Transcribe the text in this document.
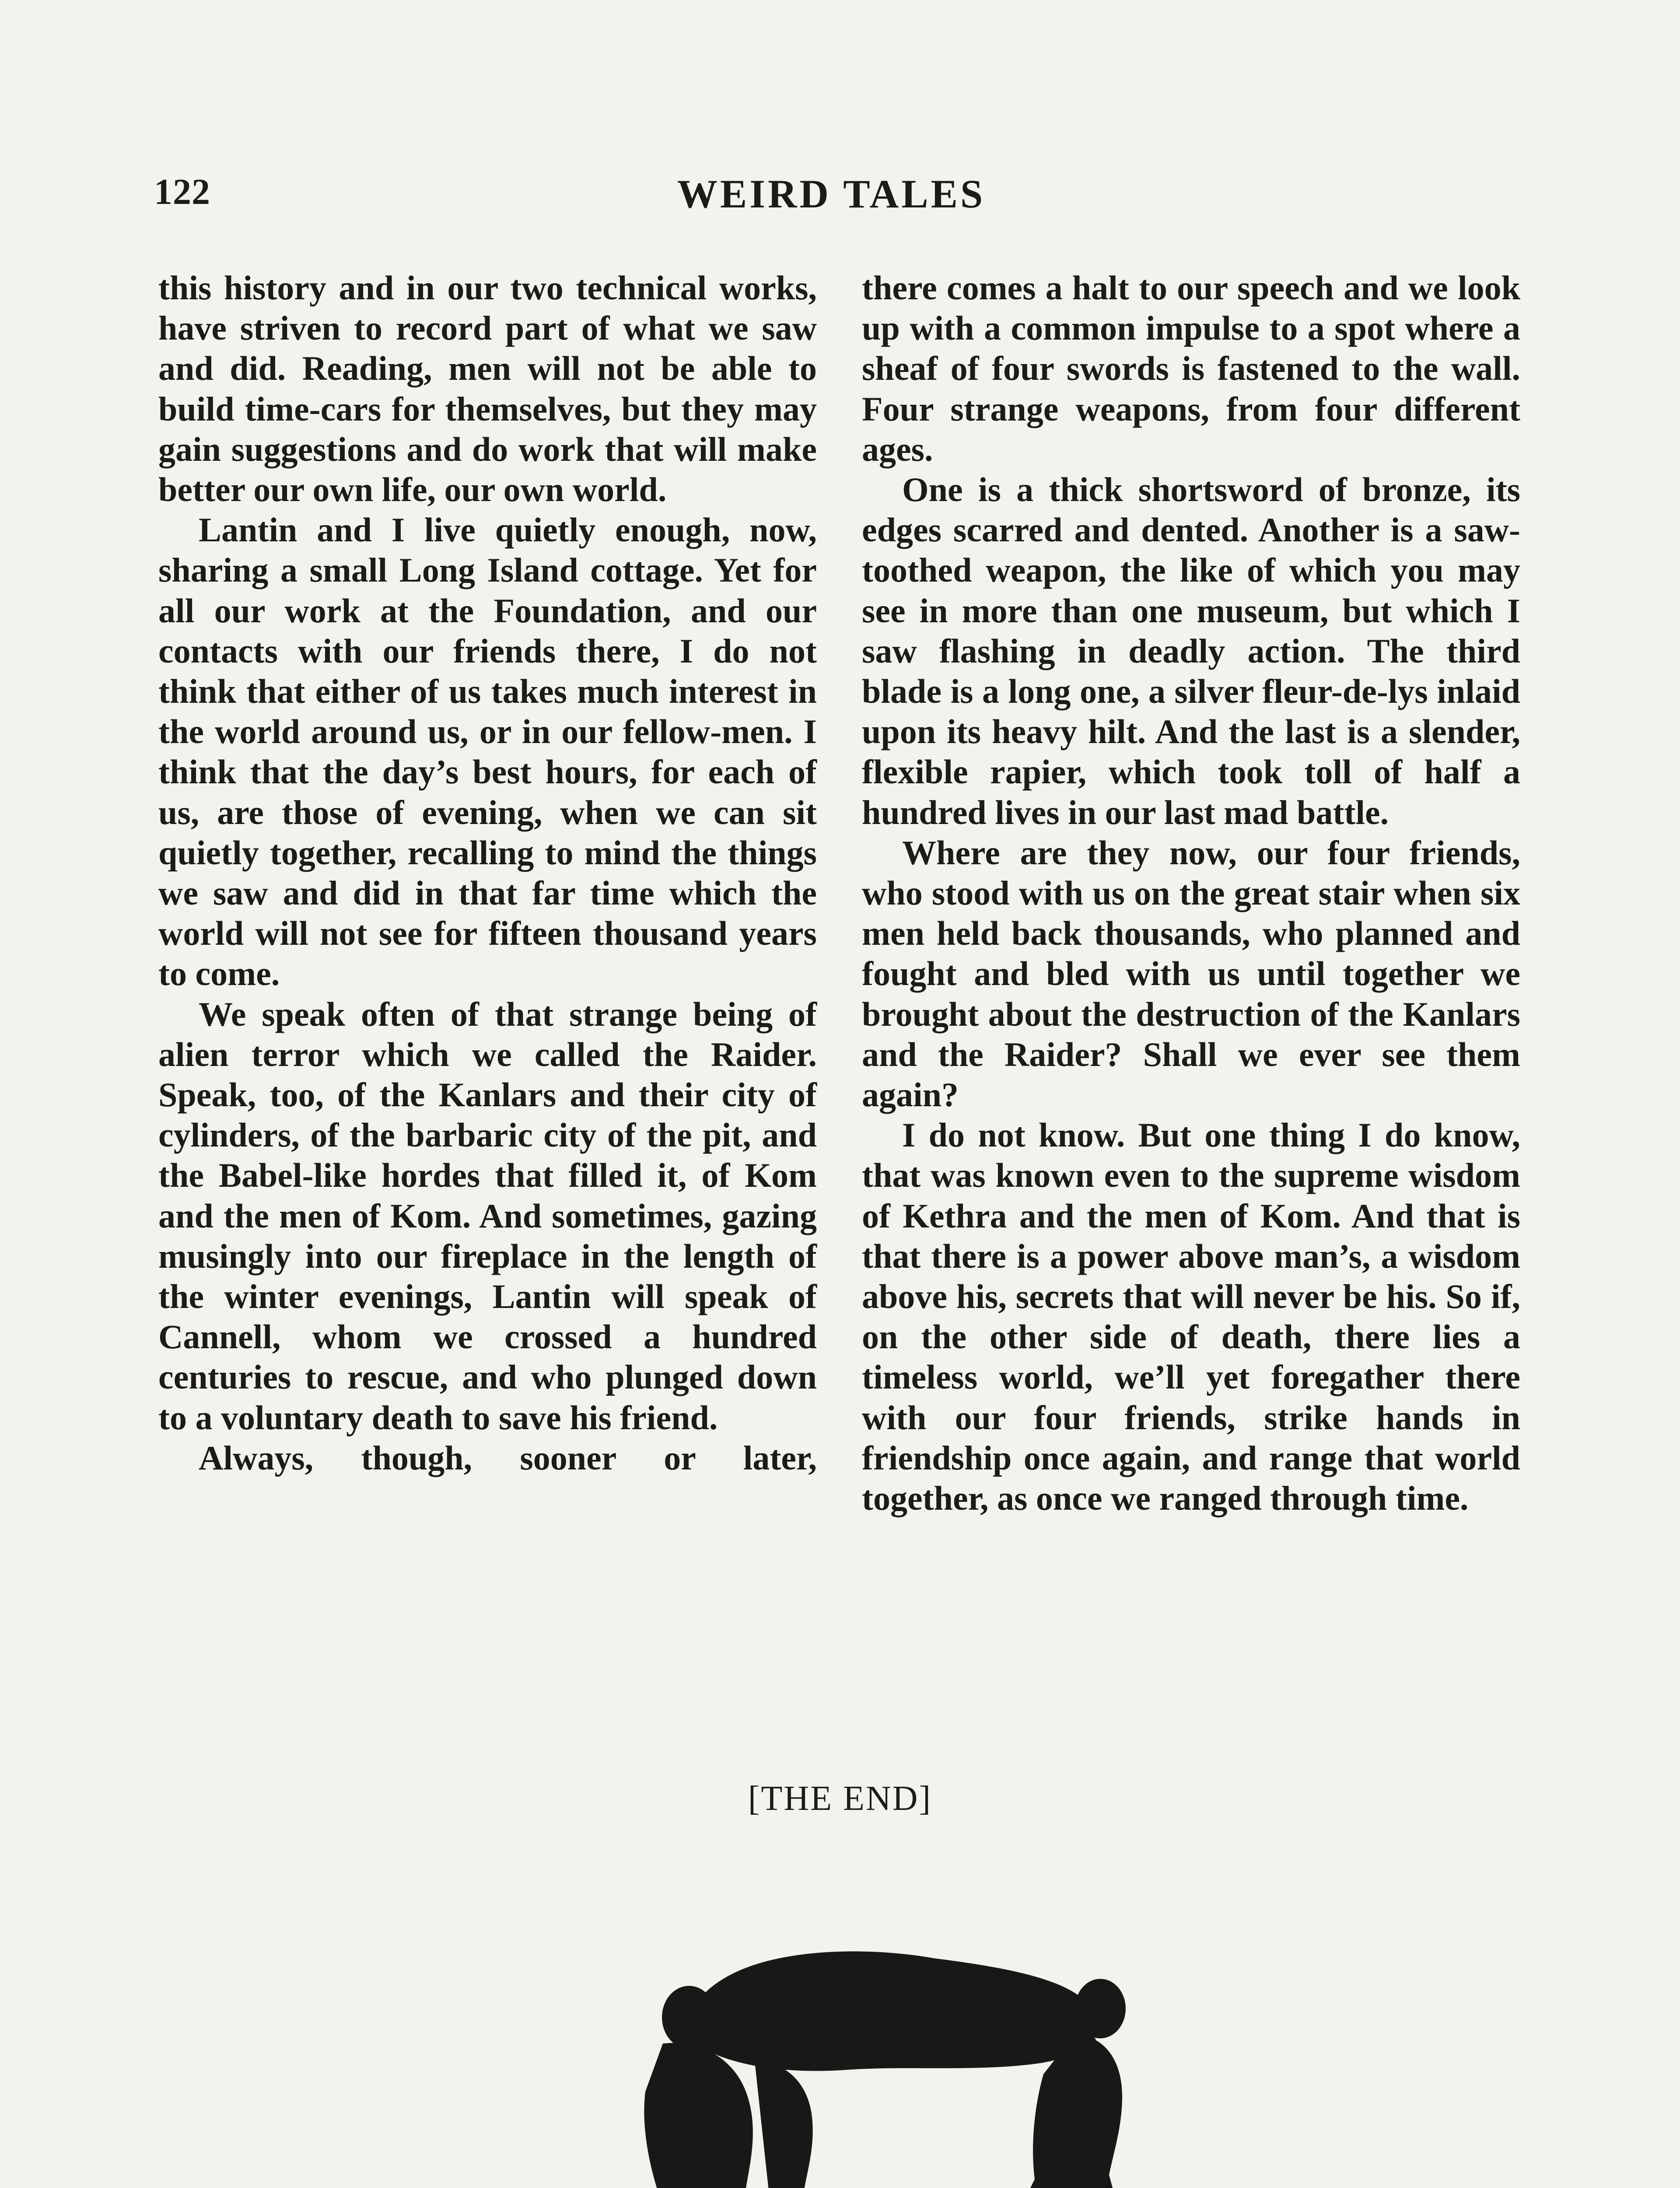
122	WEIRD TALES

this history and in our two technical works, have striven to record part of what we saw and did. Reading, men will not be able to build time-cars for themselves, but they may gain suggestions and do work that will make better our own life, our own world.

Lantin and I live quietly enough, now, sharing a small Long Island cottage. Yet for all our work at the Foundation, and our contacts with our friends there, I do not think that either of us takes much interest in the world around us, or in our fellow-men. I think that the day’s best hours, for each of us, are those of evening, when we can sit quietly together, recalling to mind the things we saw and did in that far time which the world will not see for fifteen thousand years to come.

We speak often of that strange being of alien terror which we called the Raider. Speak, too, of the Kanlars and their city of cylinders, of the barbaric city of the pit, and the Babel-like hordes that filled it, of Kom and the men of Kom. And sometimes, gazing musingly into our fireplace in the length of the winter evenings, Lantin will speak of Cannell, whom we crossed a hundred centuries to rescue, and who plunged down to a voluntary death to save his friend.

Always, though, sooner or later,

there comes a halt to our speech and we look up with a common impulse to a spot where a sheaf of four swords is fastened to the wall. Four strange weapons, from four different ages.

One is a thick shortsword of bronze, its edges scarred and dented. Another is a saw-toothed weapon, the like of which you may see in more than one museum, but which I saw flashing in deadly action. The third blade is a long one, a silver fleur-de-lys inlaid upon its heavy hilt. And the last is a slender, flexible rapier, which took toll of half a hundred lives in our last mad battle.

Where are they now, our four friends, who stood with us on the great stair when six men held back thousands, who planned and fought and bled with us until together we brought about the destruction of the Kanlars and the Raider? Shall we ever see them again?

I do not know. But one thing I do know, that was known even to the supreme wisdom of Kethra and the men of Kom. And that is that there is a power above man’s, a wisdom above his, secrets that will never be his. So if, on the other side of death, there lies a timeless world, we’ll yet foregather there with our four friends, strike hands in friendship once again, and range that world together, as once we ranged through time.

[THE END]
